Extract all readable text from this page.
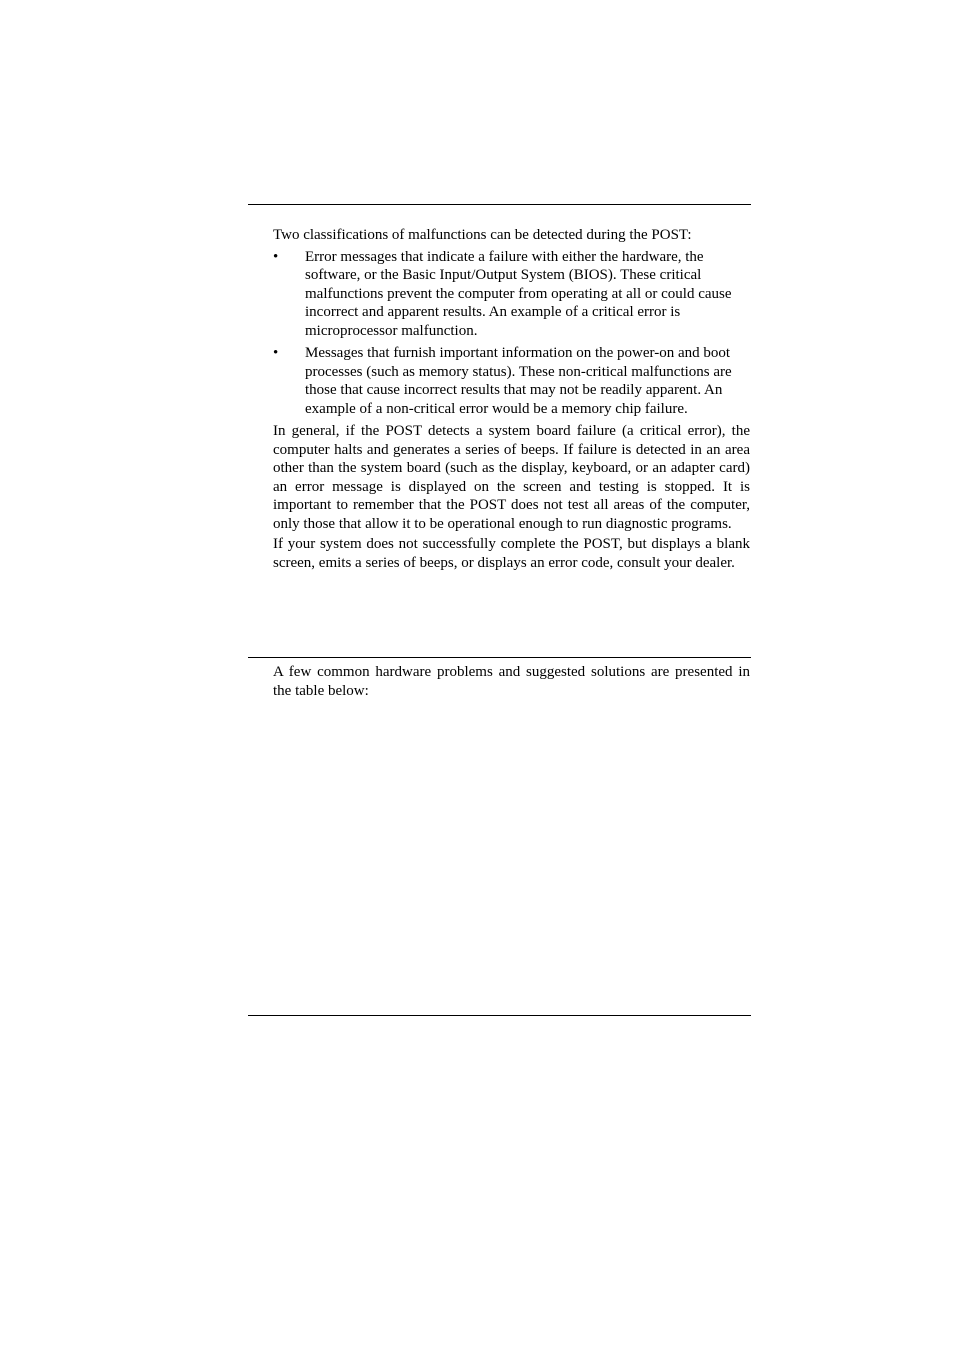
Two classifications of malfunctions can be detected during the POST:

• Error messages that indicate a failure with either the hardware, the software, or the Basic Input/Output System (BIOS). These critical malfunctions prevent the computer from operating at all or could cause incorrect and apparent results. An example of a critical error is microprocessor malfunction.
• Messages that furnish important information on the power-on and boot processes (such as memory status). These non-critical malfunctions are those that cause incorrect results that may not be readily apparent. An example of a non-critical error would be a memory chip failure.

In general, if the POST detects a system board failure (a critical error), the computer halts and generates a series of beeps. If failure is detected in an area other than the system board (such as the display, keyboard, or an adapter card) an error message is displayed on the screen and testing is stopped. It is important to remember that the POST does not test all areas of the computer, only those that allow it to be operational enough to run diagnostic programs.

If your system does not successfully complete the POST, but displays a blank screen, emits a series of beeps, or displays an error code, consult your dealer.

A few common hardware problems and suggested solutions are presented in the table below:
